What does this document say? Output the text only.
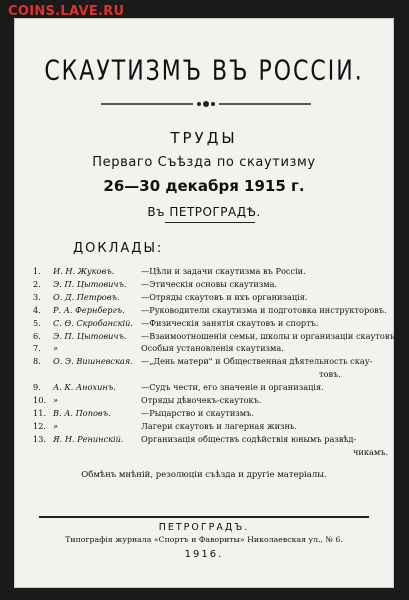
COINS.LAVE.RU
СКАУТИЗМЪ ВЪ РОССІИ.
ТРУДЫ
Перваго Съѣзда по скаутизму
26—30 декабря 1915 г.
Въ ПЕТРОГРАДѢ.
ДОКЛАДЫ:
1.	И. Н. Жуковъ.	—Цѣли и задачи скаутизма въ Россіи.
2.	Э. П. Цытовичъ.	—Этическія основы скаутизма.
3.	О. Д. Петровъ.	—Отряды скаутовъ и ихъ организація.
4.	Р. А. Фернбергъ.	—Руководители скаутизма и подготовка инструкторовъ.
5.	С. Ө. Скробанскій. —Физическія занятія скаутовъ и спортъ.
6.	Э. П. Цытовичъ.	—Взаимоотношенія семьи, школы и организаціи скаутовъ.
7.	»	Особыя установленія скаутизма.
8.	О. Э. Вишневская. —„День матери" и Общественная дѣятельность скау-
товъ.
9.	А. К. Анохинъ.	—Судъ чести, его значеніе и организація.
10. »	Отряды дѣвочекъ-скаутокъ.
11. В. А. Поповъ.	—Рыцарство и скаутизмъ.
12. »	Лагери скаутовъ и лагерная жизнь.
13. Я. Н. Ренинскій.	Организація обществъ содѣйствія юнымъ развѣд-
чикамъ.
Обмѣнъ мнѣній, резолюціи съѣзда и другіе матеріалы.
ПЕТРОГРАДЪ.
Типографія журнала «Спортъ и Фавориты» Николаевская ул., № 6.
1916.
